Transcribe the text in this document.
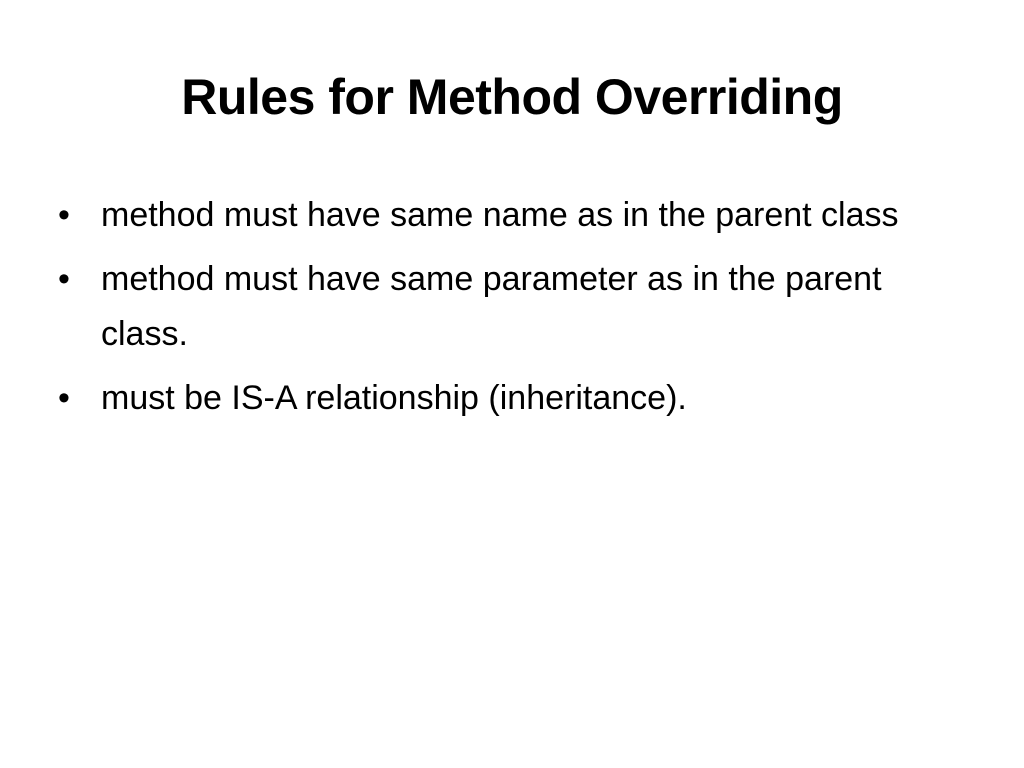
Rules for Method Overriding
• method must have same name as in the parent class
• method must have same parameter as in the parent class.
• must be IS-A relationship (inheritance).
